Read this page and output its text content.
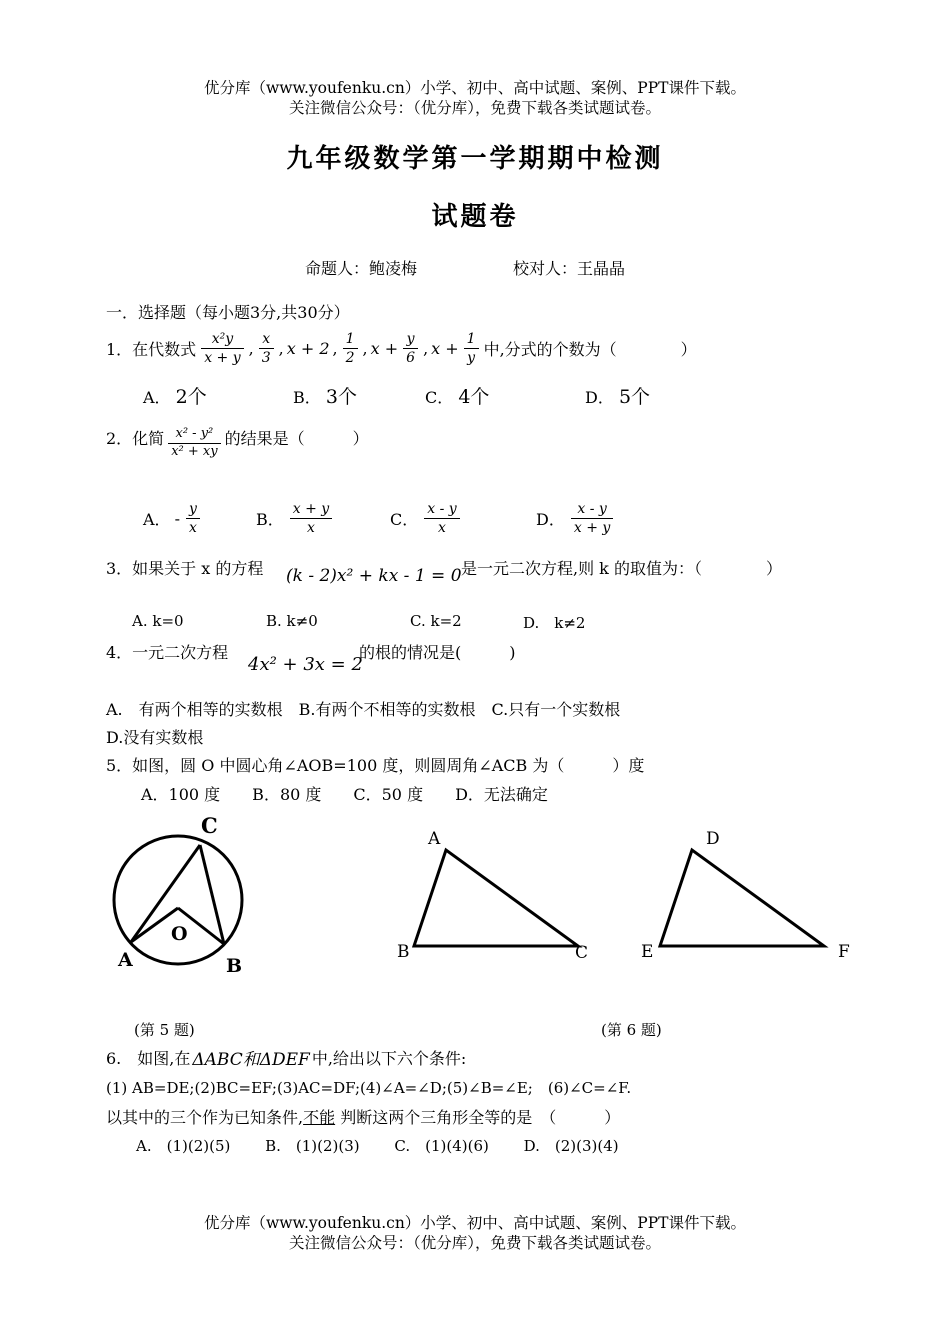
优分库（www.youfenku.cn）小学、初中、高中试题、案例、PPT课件下载。
关注微信公众号：（优分库），免费下载各类试题试卷。
九年级数学第一学期期中检测
试题卷
命题人：鲍凌梅	校对人：王晶晶
一．选择题（每小题3分,共30分）
1．在代数式 $\frac{\text{x²y}}{x + y}$ , $\frac{x}{3}$ , x + 2 , $\frac{1}{2}$ , $x + \frac{y}{6}$ , $x + \frac{1}{y}$ 中,分式的个数为（　　　　）
A． 2个	B． 3个	C． 4个	D． 5个
2．化简 $\frac{\text{x² - y²}}{\text{x² + xy}}$ 的结果是（　　　）
A． - $\frac{y}{x}$	B． $\frac{x + y}{x}$	C． $\frac{x - y}{x}$	D． $\frac{x - y}{x + y}$
3．如果关于 x 的方程 (k - 2)x² + kx - 1 = 0 是一元二次方程,则 k 的取值为：（　　　　）
A. k=0	B. k≠0	C. k=2	D.　k≠2
4．一元二次方程
4x² + 3x = 2
的根的情况是(　　　)
A.　有两个相等的实数根　B.有两个不相等的实数根　C.只有一个实数根
D.没有实数根
5．如图，圆 O 中圆心角∠AOB=100 度，则圆周角∠ACB 为（　　　）度
A．100 度　　B．80 度　　C．50 度　　D．无法确定
C
O
A	B
A
B	C
D
E	F
(第 5 题)	(第 6 题)
6.　如图,在 ΔABC和ΔDEF 中,给出以下六个条件:
(1) AB=DE;(2)BC=EF;(3)AC=DF;(4)∠A=∠D;(5)∠B=∠E;　(6)∠C=∠F.
以其中的三个作为已知条件,不能 判断这两个三角形全等的是　（　　　）
A.　(1)(2)(5)　　 B.　(1)(2)(3)　　 C.　(1)(4)(6)　　 D.　(2)(3)(4)
优分库（www.youfenku.cn）小学、初中、高中试题、案例、PPT课件下载。
关注微信公众号：（优分库），免费下载各类试题试卷。
